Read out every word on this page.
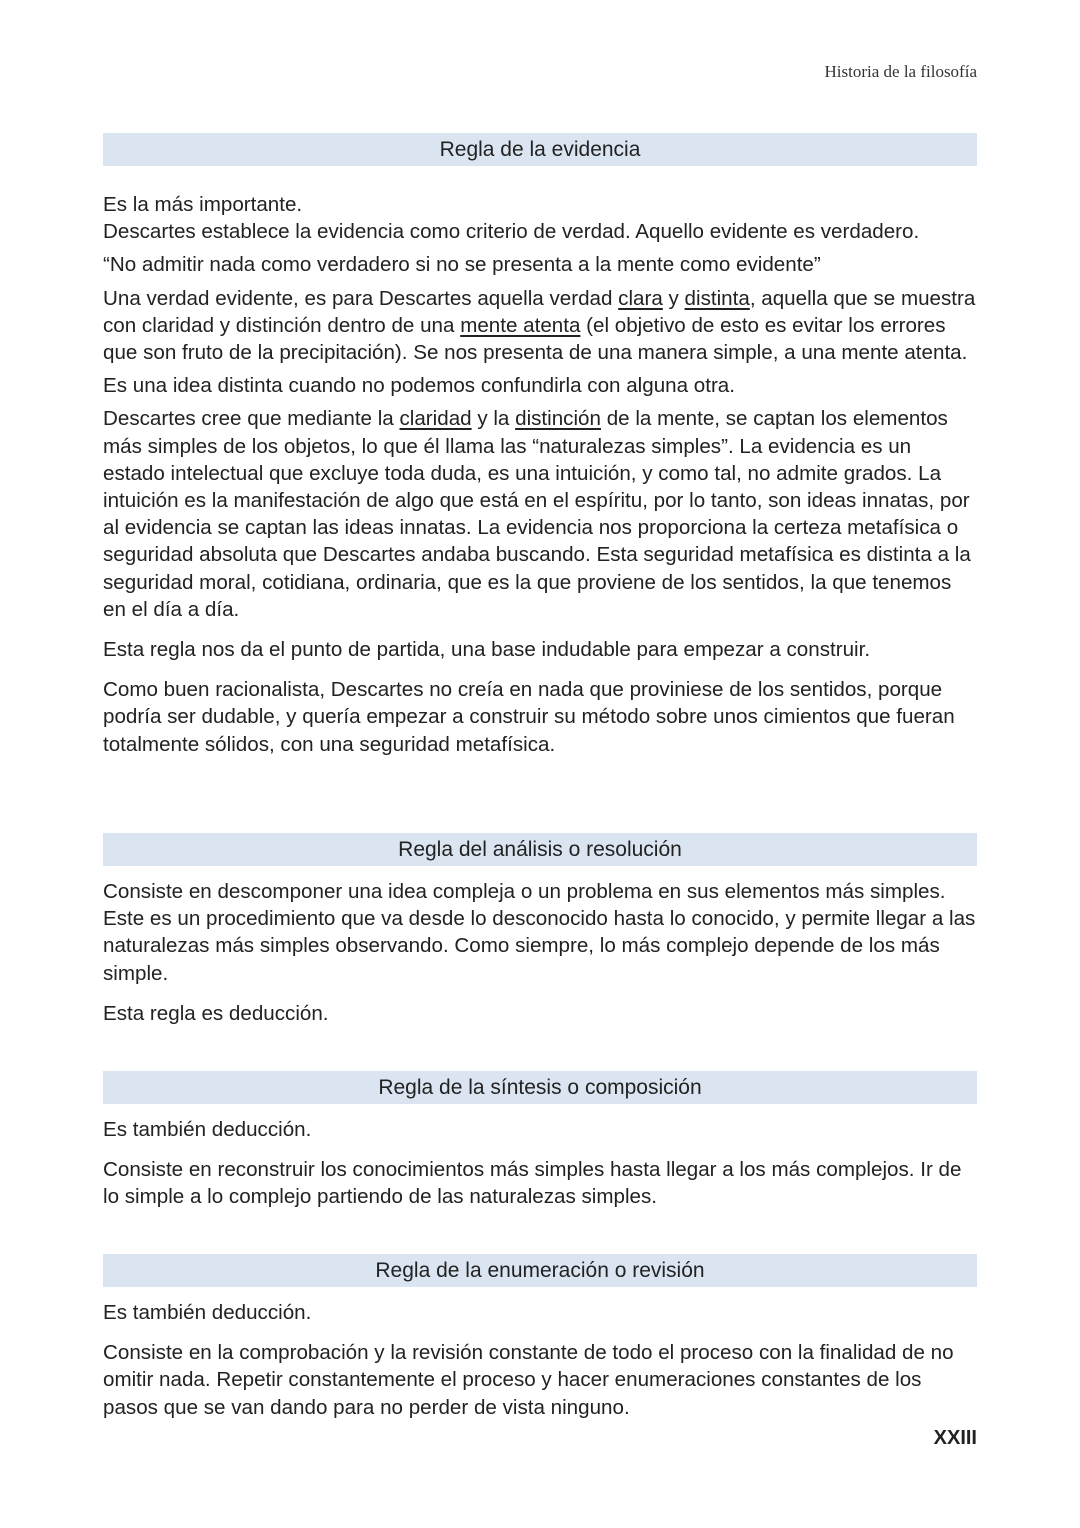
Historia de la filosofía
Regla de la evidencia

Es la más importante.

Descartes establece la evidencia como criterio de verdad. Aquello evidente es verdadero.

“No admitir nada como verdadero si no se presenta a la mente como evidente”

Una verdad evidente, es para Descartes aquella verdad clara y distinta, aquella que se muestra con claridad y distinción dentro de una mente atenta (el objetivo de esto es evitar los errores que son fruto de la precipitación). Se nos presenta de una manera simple, a una mente atenta.

Es una idea distinta cuando no podemos confundirla con alguna otra.

Descartes cree que mediante la claridad y la distinción de la mente, se captan los elementos más simples de los objetos, lo que él llama las “naturalezas simples”. La evidencia es un estado intelectual que excluye toda duda, es una intuición, y como tal, no admite grados. La intuición es la manifestación de algo que está en el espíritu, por lo tanto, son ideas innatas, por al evidencia se captan las ideas innatas. La evidencia nos proporciona la certeza metafísica o seguridad absoluta que Descartes andaba buscando. Esta seguridad metafísica es distinta a la seguridad moral, cotidiana, ordinaria, que es la que proviene de los sentidos, la que tenemos en el día a día.

Esta regla nos da el punto de partida, una base indudable para empezar a construir.

Como buen racionalista, Descartes no creía en nada que proviniese de los sentidos, porque podría ser dudable, y quería empezar a construir su método sobre unos cimientos que fueran totalmente sólidos, con una seguridad metafísica.

Regla del análisis o resolución

Consiste en descomponer una idea compleja o un problema en sus elementos más simples. Este es un procedimiento que va desde lo desconocido hasta lo conocido, y permite llegar a las naturalezas más simples observando. Como siempre, lo más complejo depende de los más simple.

Esta regla es deducción.

Regla de la síntesis o composición

Es también deducción.

Consiste en reconstruir los conocimientos más simples hasta llegar a los más complejos. Ir de lo simple a lo complejo partiendo de las naturalezas simples.

Regla de la enumeración o revisión

Es también deducción.

Consiste en la comprobación y la revisión constante de todo el proceso con la finalidad de no omitir nada. Repetir constantemente el proceso y hacer enumeraciones constantes de los pasos que se van dando para no perder de vista ninguno.

XXIII
